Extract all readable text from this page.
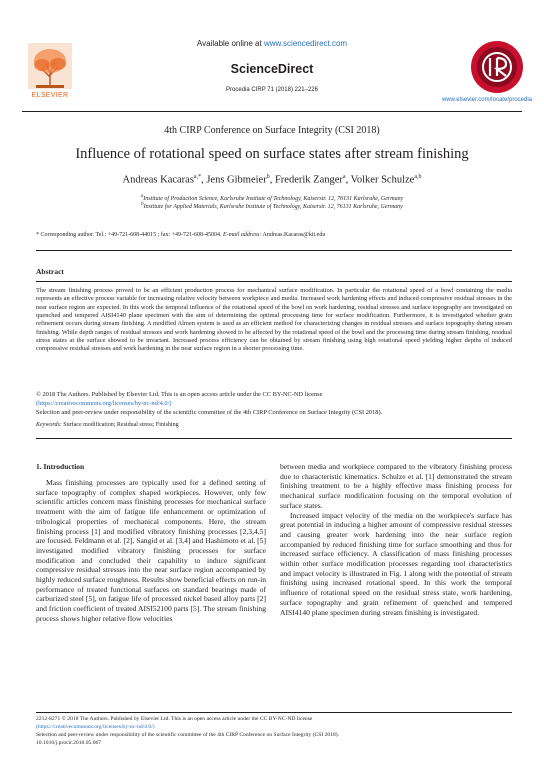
Available online at www.sciencedirect.com
ScienceDirect
Procedia CIRP 71 (2018) 221–226
www.elsevier.com/locate/procedia
ELSEVIER
4th CIRP Conference on Surface Integrity (CSI 2018)
Influence of rotational speed on surface states after stream finishing
Andreas Kacaras$^{a,*}$, Jens Gibmeier$^b$, Frederik Zanger$^a$, Volker Schulze$^{a,b}$
$^a$Institute of Production Science, Karlsruhe Institute of Technology, Kaiserstr. 12, 76131 Karlsruhe, Germany
$^b$Institute for Applied Materials, Karlsruhe Institute of Technology, Kaiserstr. 12, 76131 Karlsruhe, Germany
* Corresponding author. Tel.: +49-721-608-44015 ; fax: +49-721-608-45004. E-mail address: Andreas.Kacaras@kit.edu
Abstract
The stream finishing process proved to be an efficient production process for mechanical surface modification. In particular the rotational speed of a bowl containing the media represents an effective process variable for increasing relative velocity between workpiece and media. Increased work hardening effects and induced compressive residual stresses in the near surface region are expected. In this work the temporal influence of the rotational speed of the bowl on work hardening, residual stresses and surface topography are investigated on quenched and tempered AISI4140 plane specimen with the aim of determining the optimal processing time for surface modification. Furthermore, it is investigated whether grain refinement occurs during stream finishing. A modified Almen system is used as an efficient method for characterizing changes in residual stresses and surface topography during stream finishing. While depth ranges of residual stresses and work hardening showed to be affected by the rotational speed of the bowl and the processing time during stream finishing, residual stress states at the surface showed to be invariant. Increased process efficiency can be obtained by stream finishing using high rotational speed yielding higher depths of induced compressive residual stresses and work hardening in the near surface region in a shorter processing time.
© 2018 The Authors. Published by Elsevier Ltd. This is an open access article under the CC BY-NC-ND license
(https://creativecommons.org/licenses/by-nc-nd/4.0/)
Selection and peer-review under responsibility of the scientific committee of the 4th CIRP Conference on Surface Integrity (CSI 2018).
Keywords: Surface modification; Residual stress; Finishing
1. Introduction
Mass finishing processes are typically used for a defined setting of surface topography of complex shaped workpieces. However, only few scientific articles concern mass finishing processes for mechanical surface treatment with the aim of fatigue life enhancement or optimization of tribological properties of mechanical components. Here, the stream finishing process [1] and modified vibratory finishing processes [2,3,4,5] are focused. Feldmann et al. [2], Sangid et al. [3,4] and Hashimoto et al. [5] investigated modified vibratory finishing processes for surface modification and concluded their capability to induce significant compressive residual stresses into the near surface region accompanied by highly reduced surface roughness. Results show beneficial effects on run-in performance of treated functional surfaces on standard bearings made of carburized steel [5], on fatigue life of processed nickel based alloy parts [2] and friction coefficient of treated AISI52100 parts [5]. The stream finishing process shows higher relative flow velocities

between media and workpiece compared to the vibratory finishing process due to characteristic kinematics. Schulze et al. [1] demonstrated the stream finishing treatment to be a highly effective mass finishing process for mechanical surface modification focusing on the temporal evolution of surface states.

Increased impact velocity of the media on the workpiece's surface has great potential in inducing a higher amount of compressive residual stresses and causing greater work hardening into the near surface region accompanied by reduced finishing time for surface smoothing and thus for increased surface efficiency. A classification of mass finishing processes within other surface modification processes regarding tool characteristics and impact velocity is illustrated in Fig. 1 along with the potential of stream finishing using increased rotational speed. In this work the temporal influence of rotational speed on the residual stress state, work hardening, surface topography and grain refinement of quenched and tempered AISI4140 plane specimen during stream finishing is investigated.

2212-8271 © 2018 The Authors. Published by Elsevier Ltd. This is an open access article under the CC BY-NC-ND license
(https://creativecommons.org/licenses/by-nc-nd/4.0/)
Selection and peer-review under responsibility of the scientific committee of the 4th CIRP Conference on Surface Integrity (CSI 2018).
10.1016/j.procir.2018.05.067
